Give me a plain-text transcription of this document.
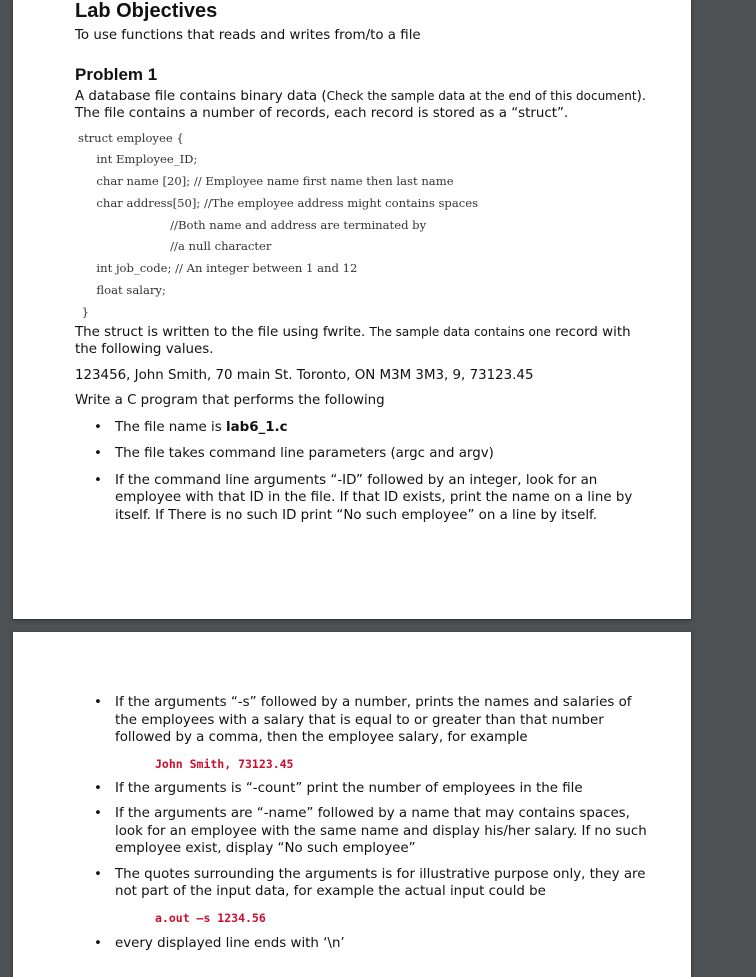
Lab Objectives

To use functions that reads and writes from/to a file

Problem 1

A database file contains binary data (Check the sample data at the end of this document). The file contains a number of records, each record is stored as a “struct”.

struct employee {
int Employee_ID;
char name [20]; // Employee name first name then last name
char address[50]; //The employee address might contains spaces
//Both name and address are terminated by
//a null character
int job_code; // An integer between 1 and 12
float salary;
}

The struct is written to the file using fwrite. The sample data contains one record with the following values.

123456, John Smith, 70 main St. Toronto, ON M3M 3M3, 9, 73123.45

Write a C program that performs the following

• The file name is lab6_1.c
• The file takes command line parameters (argc and argv)
• If the command line arguments “-ID” followed by an integer, look for an employee with that ID in the file. If that ID exists, print the name on a line by itself. If There is no such ID print “No such employee” on a line by itself.
• If the arguments “-s” followed by a number, prints the names and salaries of the employees with a salary that is equal to or greater than that number followed by a comma, then the employee salary, for example
John Smith, 73123.45
• If the arguments is “-count” print the number of employees in the file
• If the arguments are “-name” followed by a name that may contains spaces, look for an employee with the same name and display his/her salary. If no such employee exist, display “No such employee”
• The quotes surrounding the arguments is for illustrative purpose only, they are not part of the input data, for example the actual input could be
a.out –s 1234.56
• every displayed line ends with ‘\n’
